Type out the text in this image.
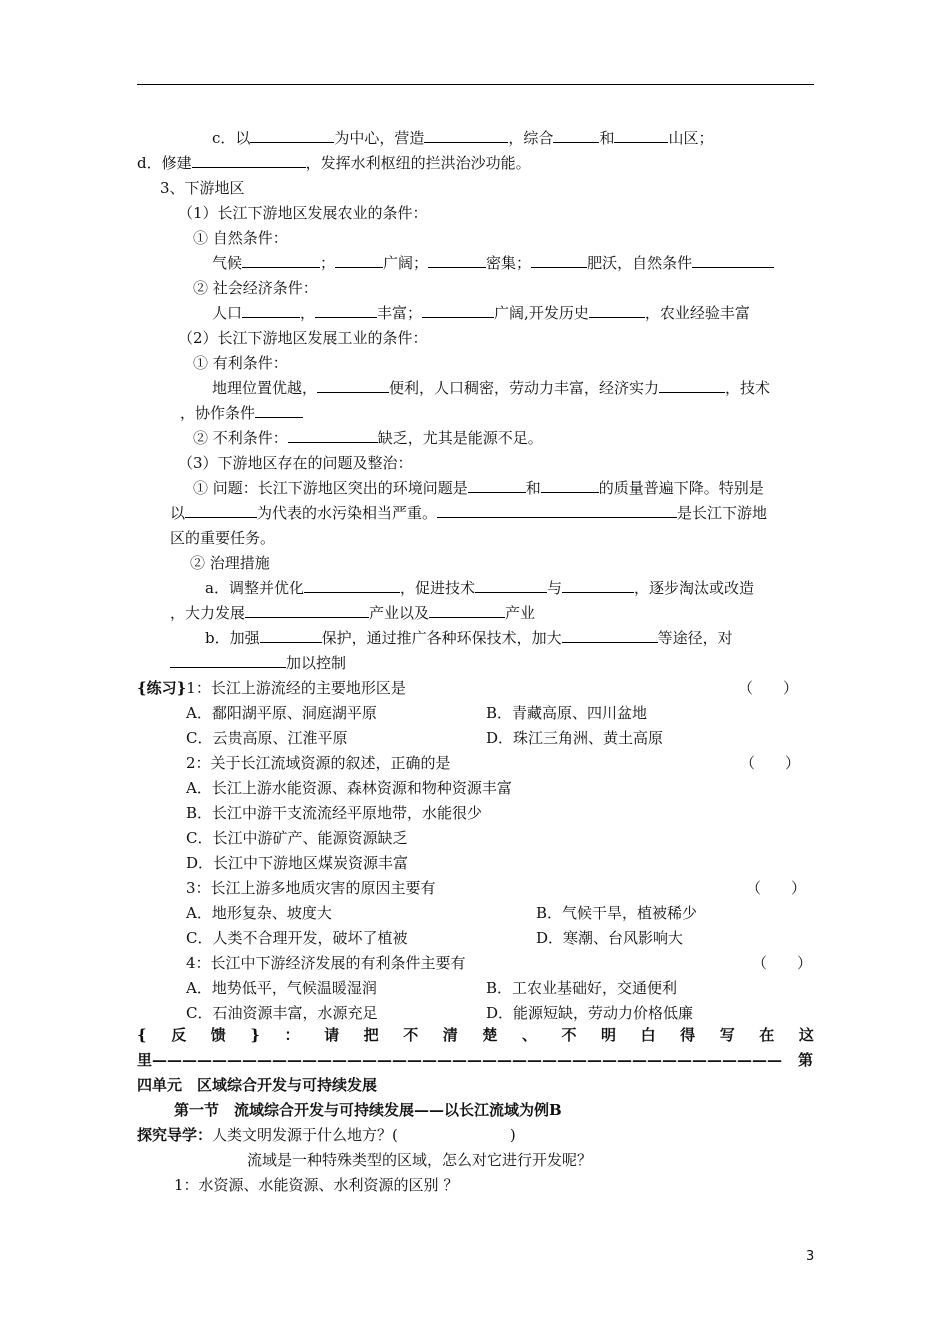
c．以	为中心，营造	，综合	和	山区；
d．修建	，发挥水利枢纽的拦洪治沙功能。
3、下游地区
（1）长江下游地区发展农业的条件：
① 自然条件：
气候	；	广阔；	密集；	肥沃，自然条件
② 社会经济条件：
人口	，	丰富；	广阔,开发历史	，农业经验丰富
（2）长江下游地区发展工业的条件：
① 有利条件：
地理位置优越，	便利，人口稠密，劳动力丰富，经济实力	，技术
，协作条件
② 不利条件：	缺乏，尤其是能源不足。
（3）下游地区存在的问题及整治：
① 问题：长江下游地区突出的环境问题是	和	的质量普遍下降。特别是
以	为代表的水污染相当严重。	是长江下游地
区的重要任务。
② 治理措施
a．调整并优化	，促进技术	与	，逐步淘汰或改造
，大力发展	产业以及	产业
b．加强	保护，通过推广各种环保技术，加大	等途径，对
加以控制
{练习}1：长江上游流经的主要地形区是	（　　）
A．鄱阳湖平原、洞庭湖平原	B．青藏高原、四川盆地
C．云贵高原、江淮平原	D．珠江三角洲、黄土高原
2：关于长江流域资源的叙述，正确的是	（　　）
A．长江上游水能资源、森林资源和物种资源丰富
B．长江中游干支流流经平原地带，水能很少
C．长江中游矿产、能源资源缺乏
D．长江中下游地区煤炭资源丰富
3：长江上游多地质灾害的原因主要有	（　　）
A．地形复杂、坡度大	B．气候干旱，植被稀少
C．人类不合理开发，破坏了植被	D．寒潮、台风影响大
4：长江中下游经济发展的有利条件主要有	（　　）
A．地势低平，气候温暖湿润	B．工农业基础好，交通便利
C．石油资源丰富，水源充足	D．能源短缺，劳动力价格低廉
{ 反 馈 } ： 请 把 不 清 楚 、 不 明 白 得 写 在 这
里—————————————————————————————————————————— 第
四单元　区域综合开发与可持续发展
第一节　流域综合开发与可持续发展——以长江流域为例B
探究导学：人类文明发源于什么地方？(	)
流域是一种特殊类型的区域，怎么对它进行开发呢？
1：水资源、水能资源、水利资源的区别 ？
3
